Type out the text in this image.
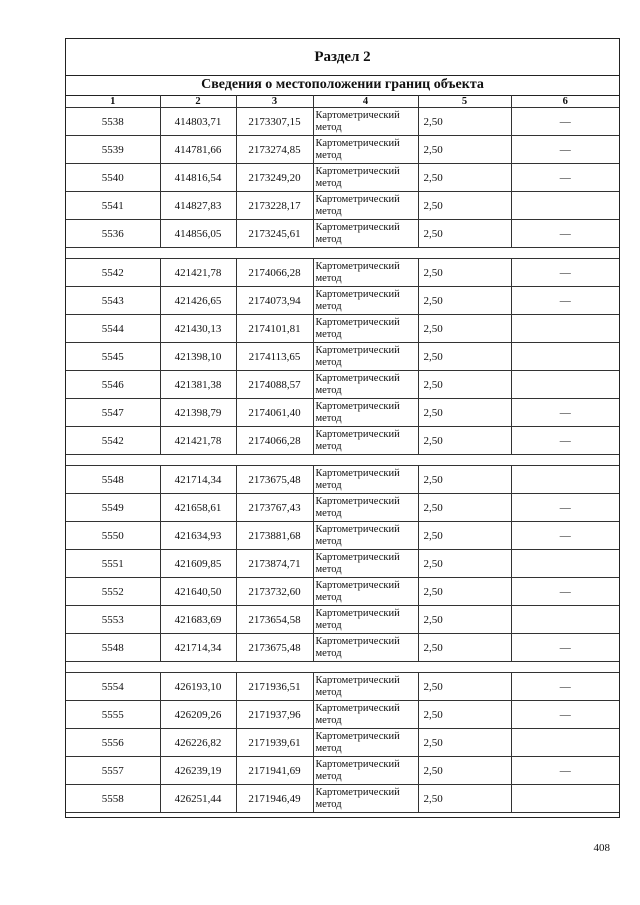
Раздел 2
Сведения о местоположении границ объекта
1	2	3	4	5	6
5538	414803,71	2173307,15	Картометрический метод	2,50	—
5539	414781,66	2173274,85	Картометрический метод	2,50	—
5540	414816,54	2173249,20	Картометрический метод	2,50	—
5541	414827,83	2173228,17	Картометрический метод	2,50	
5536	414856,05	2173245,61	Картометрический метод	2,50	—

5542	421421,78	2174066,28	Картометрический метод	2,50	—
5543	421426,65	2174073,94	Картометрический метод	2,50	—
5544	421430,13	2174101,81	Картометрический метод	2,50	
5545	421398,10	2174113,65	Картометрический метод	2,50	
5546	421381,38	2174088,57	Картометрический метод	2,50	
5547	421398,79	2174061,40	Картометрический метод	2,50	—
5542	421421,78	2174066,28	Картометрический метод	2,50	—

5548	421714,34	2173675,48	Картометрический метод	2,50	
5549	421658,61	2173767,43	Картометрический метод	2,50	—
5550	421634,93	2173881,68	Картометрический метод	2,50	—
5551	421609,85	2173874,71	Картометрический метод	2,50	
5552	421640,50	2173732,60	Картометрический метод	2,50	—
5553	421683,69	2173654,58	Картометрический метод	2,50	
5548	421714,34	2173675,48	Картометрический метод	2,50	—

5554	426193,10	2171936,51	Картометрический метод	2,50	—
5555	426209,26	2171937,96	Картометрический метод	2,50	—
5556	426226,82	2171939,61	Картометрический метод	2,50	
5557	426239,19	2171941,69	Картометрический метод	2,50	—
5558	426251,44	2171946,49	Картометрический метод	2,50	
408
